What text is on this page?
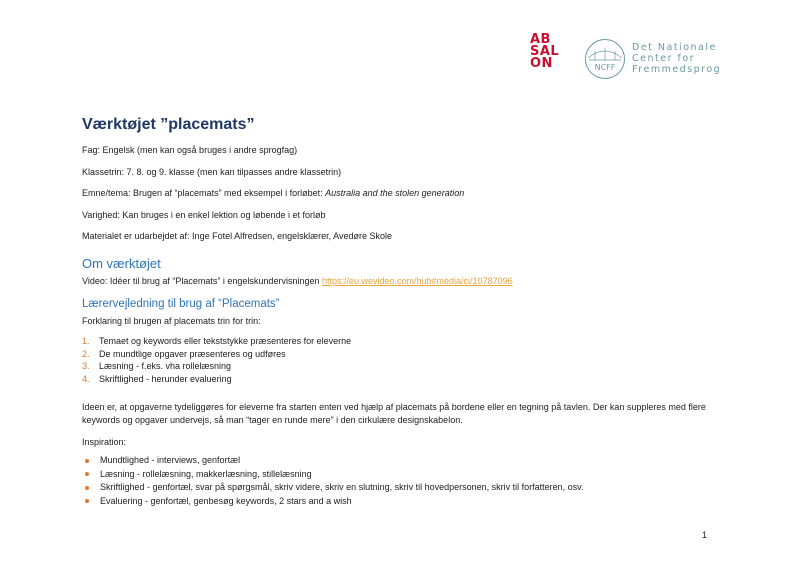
AB
SAL
ON	NCFF
Det Nationale
Center for
Fremmedsprog
Værktøjet ”placemats”

Fag: Engelsk (men kan også bruges i andre sprogfag)

Klassetrin: 7. 8. og 9. klasse (men kan tilpasses andre klassetrin)

Emne/tema: Brugen af “placemats” med eksempel i forløbet: Australia and the stolen generation

Varighed: Kan bruges i en enkel lektion og løbende i et forløb

Materialet er udarbejdet af: Inge Fotel Alfredsen, engelsklærer, Avedøre Skole

Om værktøjet

Video: Idéer til brug af “Placemats” i engelskundervisningen https://eu.wevideo.com/hub#media/ci/10787096

Lærervejledning til brug af “Placemats”

Forklaring til brugen af placemats trin for trin:

1. Temaet og keywords eller tekststykke præsenteres for eleverne
2. De mundtlige opgaver præsenteres og udføres
3. Læsning - f.eks. vha rollelæsning
4. Skriftlighed - herunder evaluering

Ideen er, at opgaverne tydeliggøres for eleverne fra starten enten ved hjælp af placemats på bordene eller en tegning på tavlen. Der kan suppleres med flere keywords og opgaver undervejs, så man “tager en runde mere” i den cirkulære designskabelon.

Inspiration:

Mundtlighed - interviews, genfortæl
Læsning - rollelæsning, makkerlæsning, stillelæsning
Skriftlighed - genfortæl, svar på spørgsmål, skriv videre, skriv en slutning, skriv til hovedpersonen, skriv til forfatteren, osv.
Evaluering - genfortæl, genbesøg keywords, 2 stars and a wish
1
